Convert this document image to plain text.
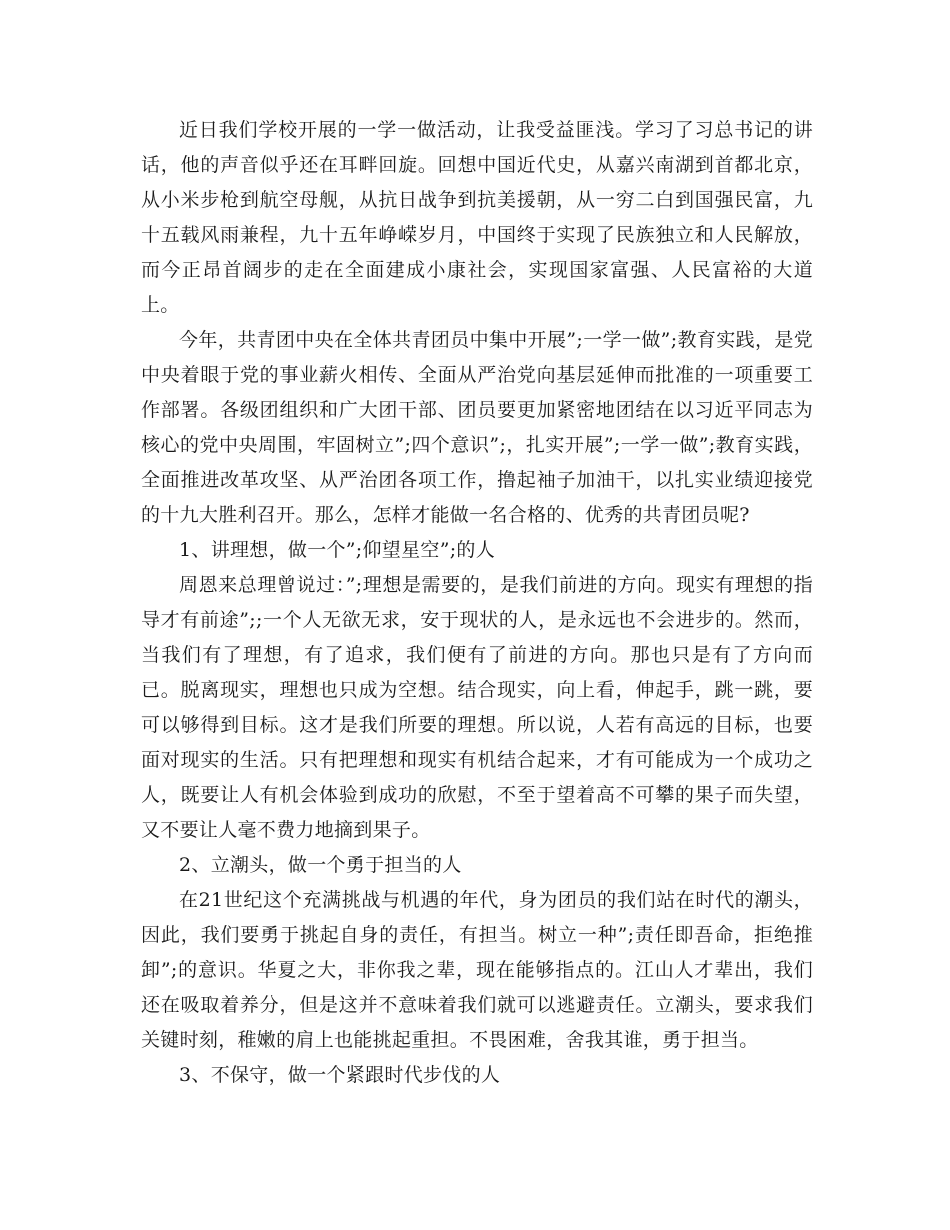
近日我们学校开展的一学一做活动，让我受益匪浅。学习了习总书记的讲话，他的声音似乎还在耳畔回旋。回想中国近代史，从嘉兴南湖到首都北京，从小米步枪到航空母舰，从抗日战争到抗美援朝，从一穷二白到国强民富，九十五载风雨兼程，九十五年峥嵘岁月，中国终于实现了民族独立和人民解放，而今正昂首阔步的走在全面建成小康社会，实现国家富强、人民富裕的大道上。

今年，共青团中央在全体共青团员中集中开展”;一学一做”;教育实践，是党中央着眼于党的事业薪火相传、全面从严治党向基层延伸而批准的一项重要工作部署。各级团组织和广大团干部、团员要更加紧密地团结在以习近平同志为核心的党中央周围，牢固树立”;四个意识”;，扎实开展”;一学一做”;教育实践，全面推进改革攻坚、从严治团各项工作，撸起袖子加油干，以扎实业绩迎接党的十九大胜利召开。那么，怎样才能做一名合格的、优秀的共青团员呢?

1、讲理想，做一个”;仰望星空”;的人

周恩来总理曾说过：”;理想是需要的，是我们前进的方向。现实有理想的指导才有前途”;;一个人无欲无求，安于现状的人，是永远也不会进步的。然而，当我们有了理想，有了追求，我们便有了前进的方向。那也只是有了方向而已。脱离现实，理想也只成为空想。结合现实，向上看，伸起手，跳一跳，要可以够得到目标。这才是我们所要的理想。所以说，人若有高远的目标，也要面对现实的生活。只有把理想和现实有机结合起来，才有可能成为一个成功之人，既要让人有机会体验到成功的欣慰，不至于望着高不可攀的果子而失望，又不要让人毫不费力地摘到果子。

2、立潮头，做一个勇于担当的人

在21世纪这个充满挑战与机遇的年代，身为团员的我们站在时代的潮头，因此，我们要勇于挑起自身的责任，有担当。树立一种”;责任即吾命，拒绝推卸”;的意识。华夏之大，非你我之辈，现在能够指点的。江山人才辈出，我们还在吸取着养分，但是这并不意味着我们就可以逃避责任。立潮头，要求我们关键时刻，稚嫩的肩上也能挑起重担。不畏困难，舍我其谁，勇于担当。

3、不保守，做一个紧跟时代步伐的人
